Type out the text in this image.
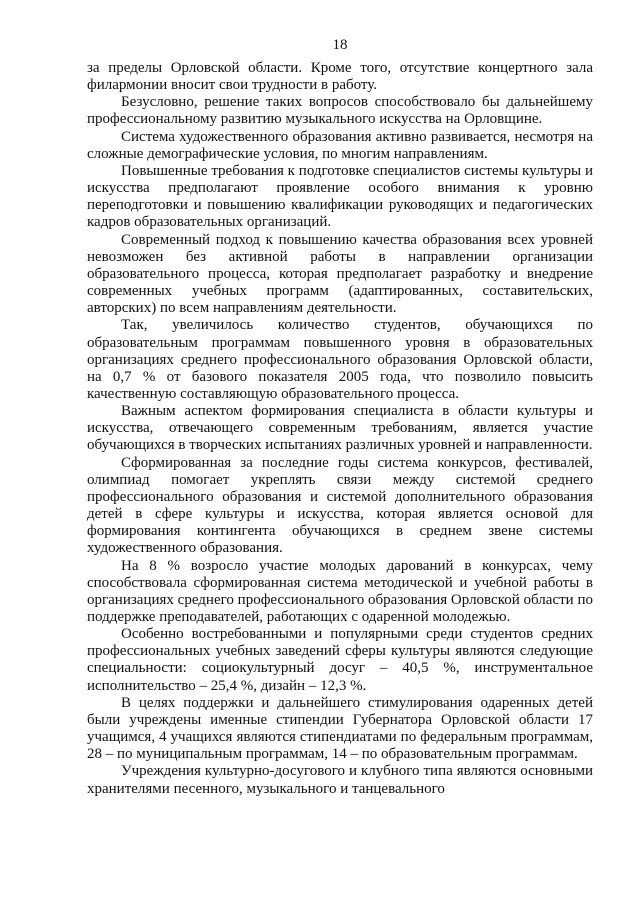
18

за пределы Орловской области. Кроме того, отсутствие концертного зала филармонии вносит свои трудности в работу.

Безусловно, решение таких вопросов способствовало бы дальнейшему профессиональному развитию музыкального искусства на Орловщине.

Система художественного образования активно развивается, несмотря на сложные демографические условия, по многим направлениям.

Повышенные требования к подготовке специалистов системы культуры и искусства предполагают проявление особого внимания к уровню переподготовки и повышению квалификации руководящих и педагогических кадров образовательных организаций.

Современный подход к повышению качества образования всех уровней невозможен без активной работы в направлении организации образовательного процесса, которая предполагает разработку и внедрение современных учебных программ (адаптированных, составительских, авторских) по всем направлениям деятельности.

Так, увеличилось количество студентов, обучающихся по образовательным программам повышенного уровня в образовательных организациях среднего профессионального образования Орловской области, на 0,7 % от базового показателя 2005 года, что позволило повысить качественную составляющую образовательного процесса.

Важным аспектом формирования специалиста в области культуры и искусства, отвечающего современным требованиям, является участие обучающихся в творческих испытаниях различных уровней и направленности.

Сформированная за последние годы система конкурсов, фестивалей, олимпиад помогает укреплять связи между системой среднего профессионального образования и системой дополнительного образования детей в сфере культуры и искусства, которая является основой для формирования контингента обучающихся в среднем звене системы художественного образования.

На 8 % возросло участие молодых дарований в конкурсах, чему способствовала сформированная система методической и учебной работы в организациях среднего профессионального образования Орловской области по поддержке преподавателей, работающих с одаренной молодежью.

Особенно востребованными и популярными среди студентов средних профессиональных учебных заведений сферы культуры являются следующие специальности: социокультурный досуг – 40,5 %, инструментальное исполнительство – 25,4 %, дизайн – 12,3 %.

В целях поддержки и дальнейшего стимулирования одаренных детей были учреждены именные стипендии Губернатора Орловской области 17 учащимся, 4 учащихся являются стипендиатами по федеральным программам, 28 – по муниципальным программам, 14 – по образовательным программам.

Учреждения культурно-досугового и клубного типа являются основными хранителями песенного, музыкального и танцевального
